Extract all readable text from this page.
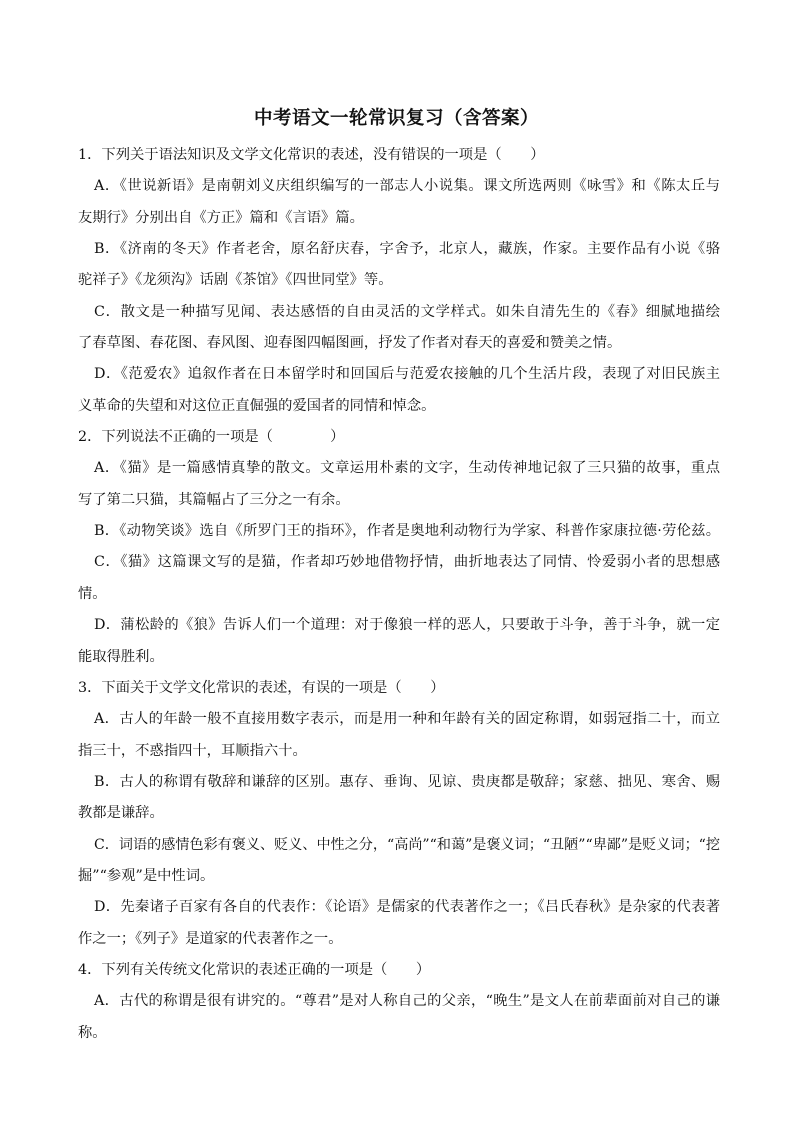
中考语文一轮常识复习（含答案）
1．下列关于语法知识及文学文化常识的表述，没有错误的一项是（　　）
A．《世说新语》是南朝刘义庆组织编写的一部志人小说集。课文所选两则《咏雪》和《陈太丘与
友期行》分别出自《方正》篇和《言语》篇。
B．《济南的冬天》作者老舍，原名舒庆春，字舍予，北京人，藏族，作家。主要作品有小说《骆
驼祥子》《龙须沟》话剧《茶馆》《四世同堂》等。
C．散文是一种描写见闻、表达感悟的自由灵活的文学样式。如朱自清先生的《春》细腻地描绘
了春草图、春花图、春风图、迎春图四幅图画，抒发了作者对春天的喜爱和赞美之情。
D．《范爱农》追叙作者在日本留学时和回国后与范爱农接触的几个生活片段，表现了对旧民族主
义革命的失望和对这位正直倔强的爱国者的同情和悼念。
2．下列说法不正确的一项是（　　　　）
A．《猫》是一篇感情真挚的散文。文章运用朴素的文字，生动传神地记叙了三只猫的故事，重点
写了第二只猫，其篇幅占了三分之一有余。
B．《动物笑谈》选自《所罗门王的指环》，作者是奥地利动物行为学家、科普作家康拉德·劳伦兹。
C．《猫》这篇课文写的是猫，作者却巧妙地借物抒情，曲折地表达了同情、怜爱弱小者的思想感
情。
D．蒲松龄的《狼》告诉人们一个道理：对于像狼一样的恶人，只要敢于斗争，善于斗争，就一定
能取得胜利。
3．下面关于文学文化常识的表述，有误的一项是（　　）
A．古人的年龄一般不直接用数字表示，而是用一种和年龄有关的固定称谓，如弱冠指二十，而立
指三十，不惑指四十，耳顺指六十。
B．古人的称谓有敬辞和谦辞的区别。惠存、垂询、见谅、贵庚都是敬辞；家慈、拙见、寒舍、赐
教都是谦辞。
C．词语的感情色彩有褒义、贬义、中性之分，“高尚”“和蔼”是褒义词；“丑陋”“卑鄙”是贬义词；“挖
掘”“参观”是中性词。
D．先秦诸子百家有各自的代表作：《论语》是儒家的代表著作之一；《吕氏春秋》是杂家的代表著
作之一；《列子》是道家的代表著作之一。
4．下列有关传统文化常识的表述正确的一项是（　　）
A．古代的称谓是很有讲究的。“尊君”是对人称自己的父亲，“晚生”是文人在前辈面前对自己的谦
称。
